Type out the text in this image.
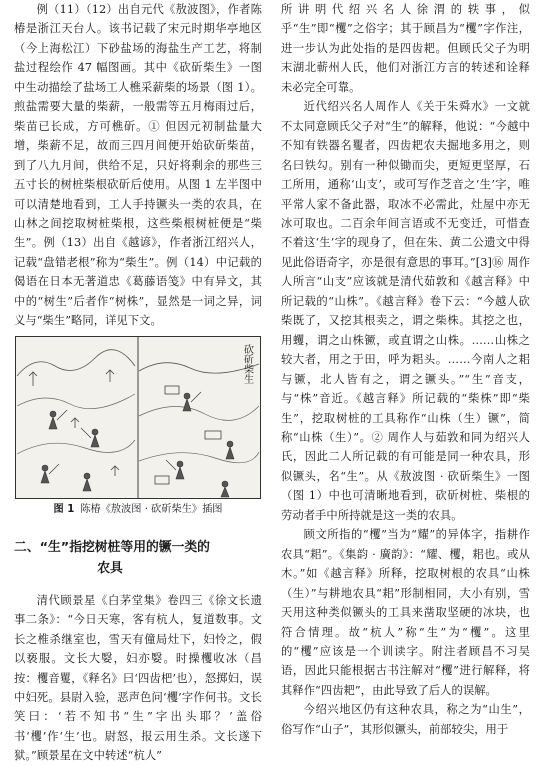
例（11）（12）出自元代《敖波图》，作者陈椿是浙江天台人。该书记载了宋元时期华亭地区（今上海松江）下砂盐场的海盐生产工艺，将制盐过程绘作 47 幅图画。其中《砍斫柴生》一图中生动描绘了盐场工人樵采薪柴的场景（图 1）。煎盐需要大量的柴薪，一般需等五月梅雨过后，柴苗已长成，方可樵斫。① 但因元初制盐量大增，柴薪不足，故而三四月间便开始砍斫柴苗，到了八九月间，供给不足，只好将剩余的那些三五寸长的树桩柴根砍斫后使用。从图 1 左半图中可以清楚地看到，工人手持镢头一类的农具，在山林之间挖取树桩柴根，这些柴根树桩便是“柴生”。例（13）出自《越谚》，作者浙江绍兴人，记载“盘错老根”称为“柴生”。例（14）中记载的偈语在日本无著道忠《葛藤语笺》中有异文，其中的“树生”后者作“树株”，显然是一词之异，词义与“柴生”略同，详见下文。

砍斫柴生

图 1 陈椿《敖波图 · 砍斫柴生》插图

二、“生”指挖树桩等用的镢一类的
农具

清代顾景星《白茅堂集》卷四三《徐文长遗事二条》：“今日天寒，客有杭人，复道数事。文长之椎杀继室也，雪天有僮局灶下，妇怜之，假以亵服。文长大嫛，妇亦嫛。时操欔收冰（昌按：欔音矍，《释名》曰‘四齿杷’也），怒掷妇，误中妇死。县尉入验，恶声色问‘欔’字作何书。文长笑曰：‘若不知书“生”字出头耶？’盖俗书‘欔’作‘生’也。尉怒，报云用生杀。文长遂下狱。”顾景星在文中转述“杭人”

所讲明代绍兴名人徐渭的轶事，似乎“生”即“欔”之俗字；其于顾昌为“欔”字作注，进一步认为此处指的是四齿耙。但顾氏父子为明末湖北蕲州人氏，他们对浙江方言的转述和诠释未必完全可靠。

近代绍兴名人周作人《关于朱舜水》一文就不太同意顾氏父子对“生”的解释，他说：“今越中不知有铁器名矍者，四齿耙农夫掘地多用之，则名曰铁勾。别有一种似锄而尖，更短更坚厚，石工所用，通称‘山支’，或可写作芝音之‘生’字，唯平常人家不备此器，取冰不必需此，灶屋中亦无冰可取也。二百余年间言语或不无变迁，可惜查不着这‘生’字的现身了，但在朱、黄二公遗文中得见此俗语奇字，亦是很有意思的事耳。”[3]⑯ 周作人所言“山支”应该就是清代茹敦和《越言释》中所记载的“山株”。《越言释》卷下云：“今越人砍柴既了，又挖其根卖之，谓之柴株。其挖之也，用蠼，谓之山株镢，或直谓之山株。……山株之较大者，用之于田，呼为耜头。……今南人之耜与镢，北人皆有之，谓之镢头。”“生”音支，与“株”音近。《越言释》所记载的“柴株”即“柴生”，挖取树桩的工具称作“山株（生）镢”，简称“山株（生）”。② 周作人与茹敦和同为绍兴人氏，因此二人所记载的有可能是同一种农具，形似镢头，名“生”。从《敖波图 · 砍斫柴生》一图（图 1）中也可清晰地看到，砍斫树桩、柴根的劳动者手中所持就是这一类的农具。

顾文所指的“欔”当为“耀”的异体字，指耕作农具“耜”。《集韵 · 廣韵》：“耀、欔，耜也。或从木。”如《越言释》所释，挖取树根的农具“山株（生）”与耕地农具“耜”形制相同，大小有别，雪天用这种类似镢头的工具来凿取坚硬的冰块，也符合情理。故“杭人”称“生”为“欔”。这里的“欔”应该是一个训读字。附注者顾昌不习吴语，因此只能根据古书注解对“欔”进行解释，将其释作“四齿耙”，由此导致了后人的误解。

今绍兴地区仍有这种农具，称之为“山生”，俗写作“山子”，其形似镢头，前部较尖，用于
